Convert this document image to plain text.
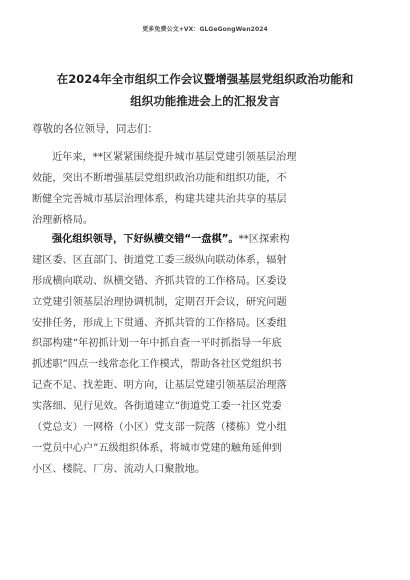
更多免费公文+VX：GLGeGongWen2024
在2024年全市组织工作会议暨增强基层党组织政治功能和
组织功能推进会上的汇报发言
尊敬的各位领导，同志们：
近年来，**区紧紧围绕提升城市基层党建引领基层治理
效能，突出不断增强基层党组织政治功能和组织功能，不
断健全完善城市基层治理体系，构建共建共治共享的基层
治理新格局。
强化组织领导，下好纵横交错“一盘棋”。**区探索构
建区委、区直部门、街道党工委三级纵向联动体系，辐射
形成横向联动、纵横交错、齐抓共管的工作格局。区委设
立党建引领基层治理协调机制，定期召开会议，研究问题
安排任务，形成上下贯通、齐抓共管的工作格局。区委组
织部构建“年初抓计划一年中抓自查一平时抓指导一年底
抓述职”四点一线常态化工作模式，帮助各社区党组织书
记查不足、找差距、明方向，让基层党建引领基层治理落
实落细、见行见效。各街道建立“街道党工委一社区党委
（党总支）一网格（小区）党支部一院落（楼栋）党小组
一党员中心户”五级组织体系，将城市党建的触角延伸到
小区、楼院、厂房、流动人口聚散地。
